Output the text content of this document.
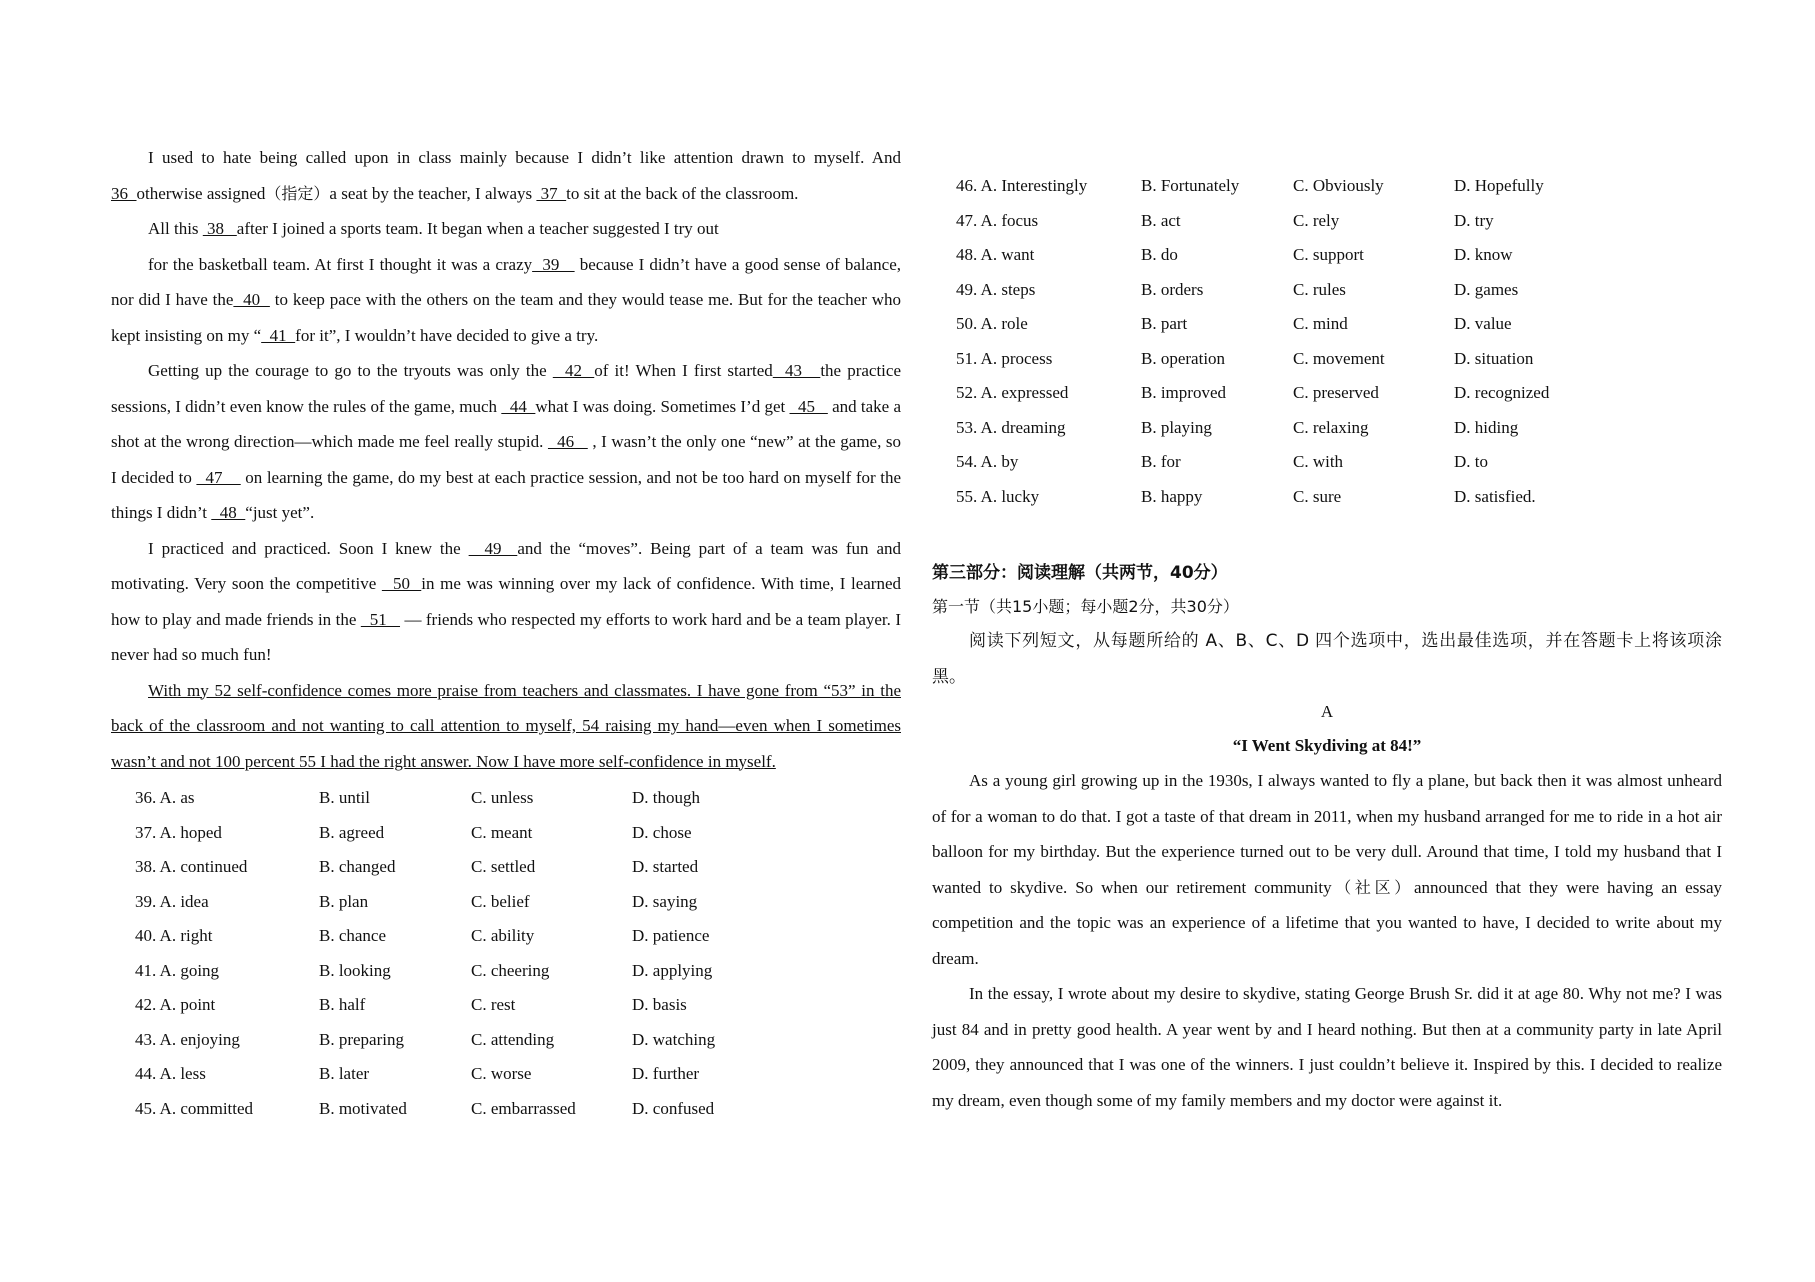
I used to hate being called upon in class mainly because I didn’t like attention drawn to myself. And 36  otherwise assigned（指定）a seat by the teacher, I always  37  to sit at the back of the classroom.

All this  38   after I joined a sports team. It began when a teacher suggested I try out

for the basketball team. At first I thought it was a crazy  39    because I didn’t have a good sense of balance, nor did I have the  40   to keep pace with the others on the team and they would tease me. But for the teacher who kept insisting on my “  41  for it”, I wouldn’t have decided to give a try.

Getting up the courage to go to the tryouts was only the   42  of it! When I first started  43   the practice sessions, I didn’t even know the rules of the game, much   44  what I was doing. Sometimes I’d get   45    and take a shot at the wrong direction—which made me feel really stupid.   46    , I wasn’t the only one “new” at the game, so I decided to   47     on learning the game, do my best at each practice session, and not be too hard on myself for the things I didn’t   48  “just yet”.

I practiced and practiced. Soon I knew the   49  and the “moves”. Being part of a team was fun and motivating. Very soon the competitive   50  in me was winning over my lack of confidence. With time, I learned how to play and made friends in the   51    — friends who respected my efforts to work hard and be a team player. I never had so much fun!

With my 52 self-confidence comes more praise from teachers and classmates. I have gone from “53” in the back of the classroom and not wanting to call attention to myself, 54 raising my hand—even when I sometimes wasn’t and not 100 percent 55 I had the right answer. Now I have more self-confidence in myself.

36. A. as	B. until	C. unless	D. though
37. A. hoped	B. agreed	C. meant	D. chose
38. A. continued	B. changed	C. settled	D. started
39. A. idea	B. plan	C. belief	D. saying
40. A. right	B. chance	C. ability	D. patience
41. A. going	B. looking	C. cheering	D. applying
42. A. point	B. half	C. rest	D. basis
43. A. enjoying	B. preparing	C. attending	D. watching
44. A. less	B. later	C. worse	D. further
45. A. committed	B. motivated	C. embarrassed	D. confused
46. A. Interestingly	B. Fortunately	C. Obviously	D. Hopefully
47. A. focus	B. act	C. rely	D. try
48. A. want	B. do	C. support	D. know
49. A. steps	B. orders	C. rules	D. games
50. A. role	B. part	C. mind	D. value
51. A. process	B. operation	C. movement	D. situation
52. A. expressed	B. improved	C. preserved	D. recognized
53. A. dreaming	B. playing	C. relaxing	D. hiding
54. A. by	B. for	C. with	D. to
55. A. lucky	B. happy	C. sure	D. satisfied.
第三部分：阅读理解（共两节，40分）
第一节（共15小题；每小题2分，共30分）

阅读下列短文，从每题所给的 A、B、C、D 四个选项中，选出最佳选项，并在答题卡上将该项涂黑。

A
“I Went Skydiving at 84!”

As a young girl growing up in the 1930s, I always wanted to fly a plane, but back then it was almost unheard of for a woman to do that. I got a taste of that dream in 2011, when my husband arranged for me to ride in a hot air balloon for my birthday. But the experience turned out to be very dull. Around that time, I told my husband that I wanted to skydive. So when our retirement community（社区）announced that they were having an essay competition and the topic was an experience of a lifetime that you wanted to have, I decided to write about my dream.

In the essay, I wrote about my desire to skydive, stating George Brush Sr. did it at age 80. Why not me? I was just 84 and in pretty good health. A year went by and I heard nothing. But then at a community party in late April 2009, they announced that I was one of the winners. I just couldn’t believe it. Inspired by this. I decided to realize my dream, even though some of my family members and my doctor were against it.
